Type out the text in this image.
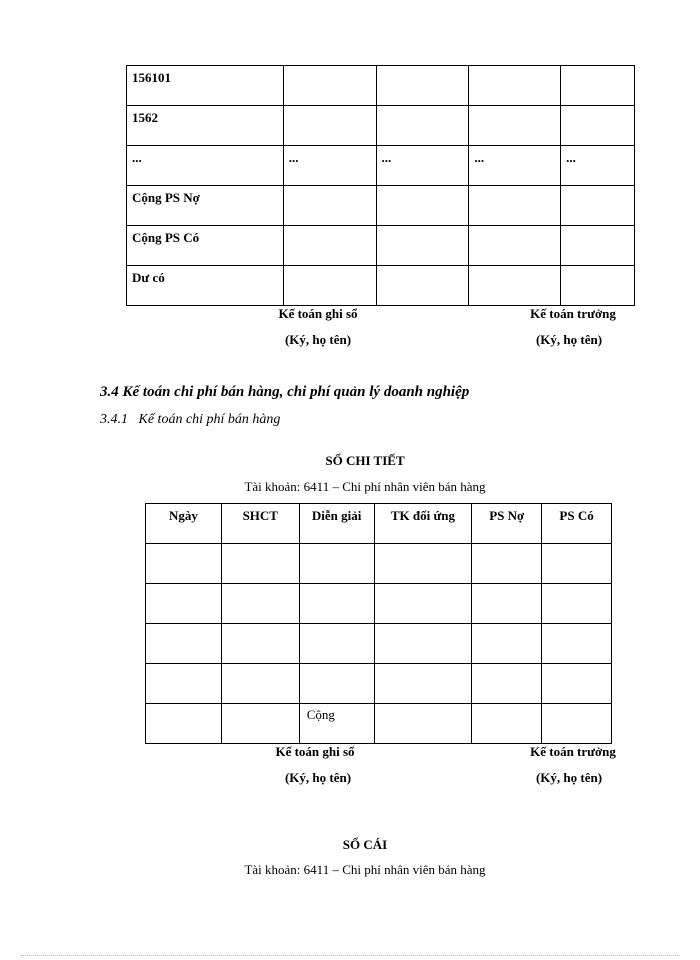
156101				

1562				

...	...	...	...	...

Cộng PS Nợ				

Cộng PS Có				

Dư có				

Kế toán ghi sổ
(Ký, họ tên)
Kế toán trưởng
(Ký, họ tên)
3.4 Kế toán chi phí bán hàng, chi phí quản lý doanh nghiệp
3.4.1   Kế toán chi phí bán hàng
SỔ CHI TIẾT
Tài khoản: 6411 – Chi phí nhân viên bán hàng
Ngày	SHCT	Diễn giải	TK đối ứng	PS Nợ	PS Có

		Cộng			

Kế toán ghi sổ
(Ký, họ tên)
Kế toán trưởng
(Ký, họ tên)
SỔ CÁI
Tài khoản: 6411 – Chi phí nhân viên bán hàng
